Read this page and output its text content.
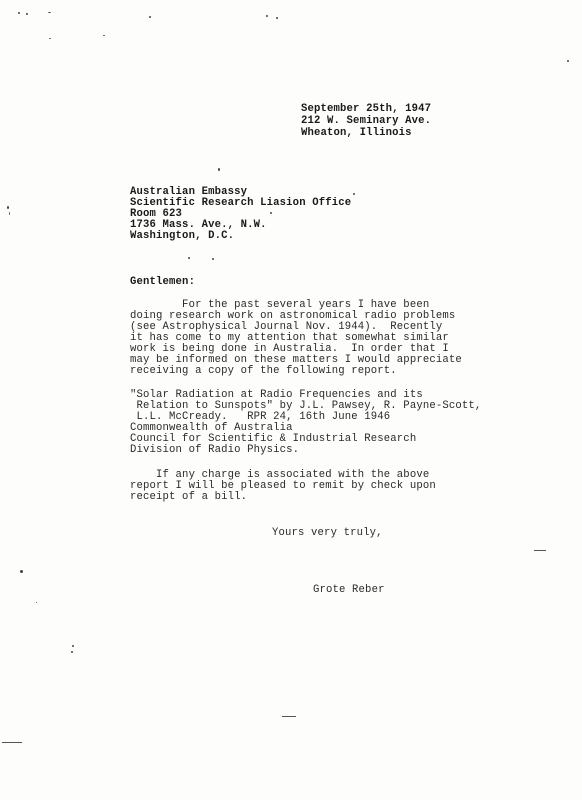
September 25th, 1947
212 W. Seminary Ave.
Wheaton, Illinois
Australian Embassy
Scientific Research Liasion Office
Room 623
1736 Mass. Ave., N.W.
Washington, D.C.
Gentlemen:
For the past several years I have been
doing research work on astronomical radio problems
(see Astrophysical Journal Nov. 1944).  Recently
it has come to my attention that somewhat similar
work is being done in Australia.  In order that I
may be informed on these matters I would appreciate
receiving a copy of the following report.
"Solar Radiation at Radio Frequencies and its
Relation to Sunspots" by J.L. Pawsey, R. Payne-Scott,
L.L. McCready.   RPR 24, 16th June 1946
Commonwealth of Australia
Council for Scientific & Industrial Research
Division of Radio Physics.
If any charge is associated with the above
report I will be pleased to remit by check upon
receipt of a bill.
Yours very truly,
Grote Reber
